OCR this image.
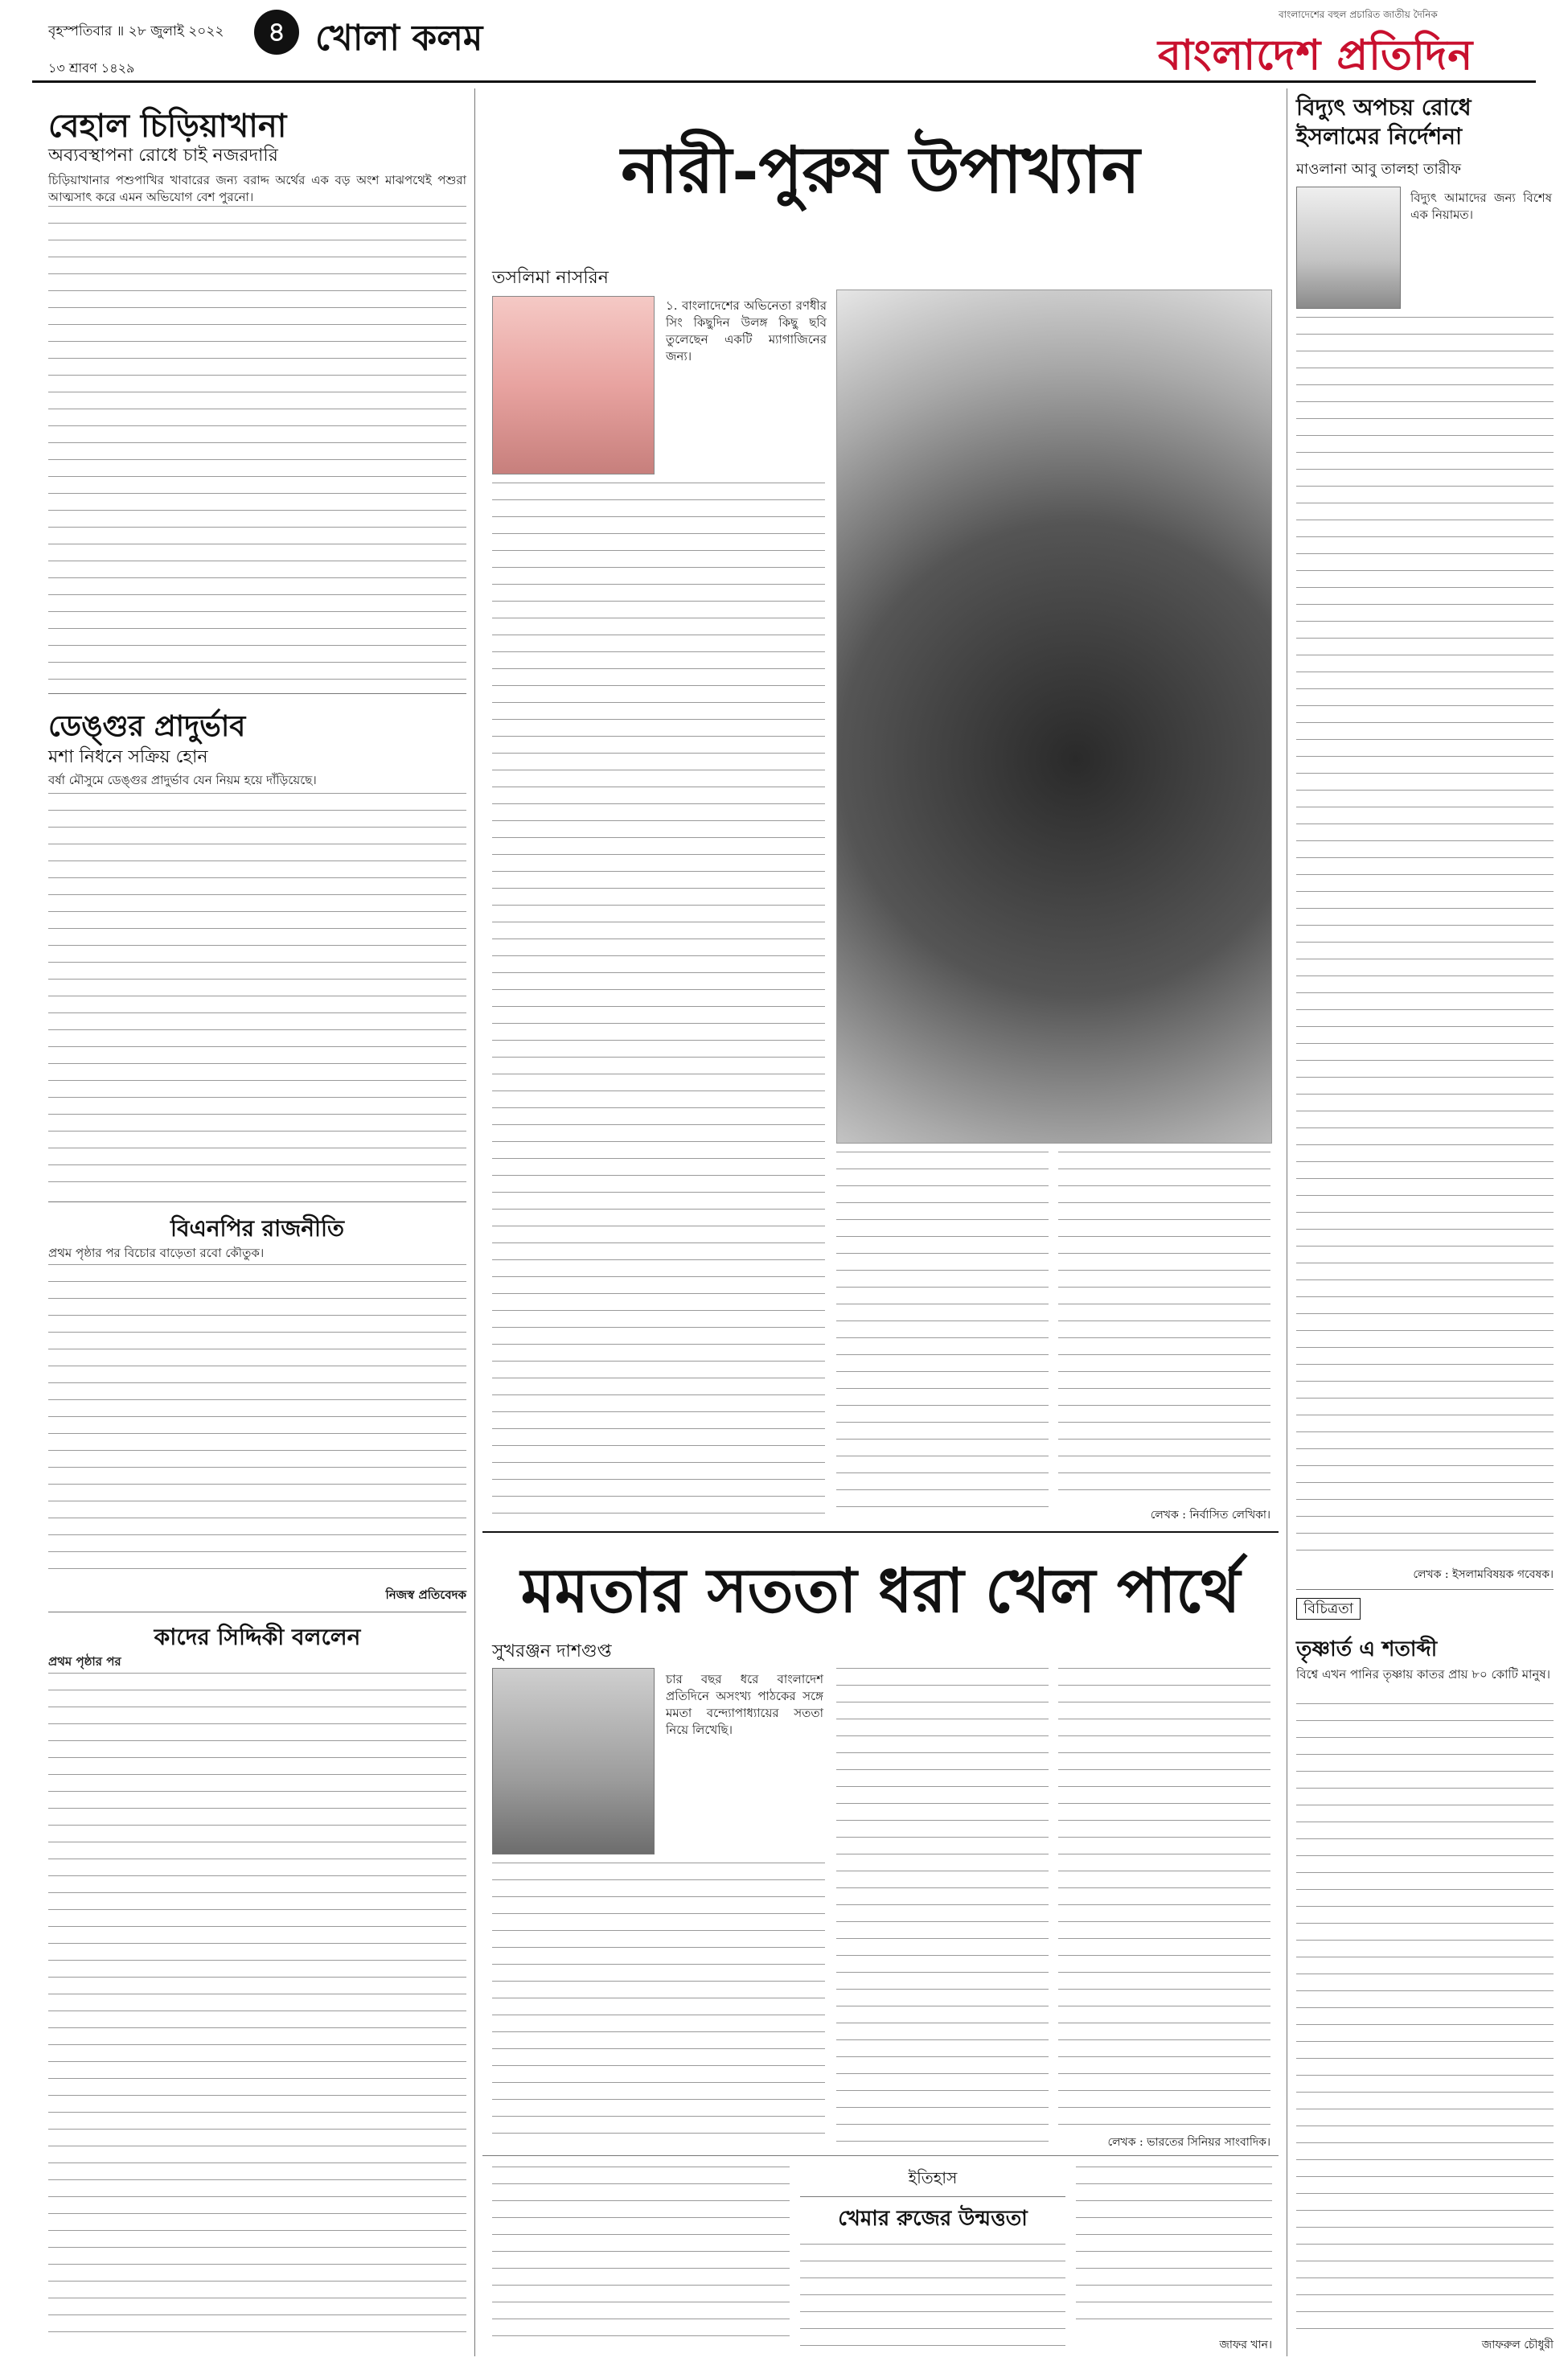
বৃহস্পতিবার ॥ ২৮ জুলাই ২০২২	৪ খোলা কলম
১৩ শ্রাবণ ১৪২৯
বাংলাদেশের বহুল প্রচারিত জাতীয় দৈনিক
বাংলাদেশ প্রতিদিন
বেহাল চিড়িয়াখানা
অব্যবস্থাপনা রোধে চাই নজরদারি
চিড়িয়াখানার পশুপাখির খাবারের জন্য বরাদ্দ অর্থের এক বড় অংশ মাঝপথেই পশুরা আত্মসাৎ করে এমন অভিযোগ বেশ পুরনো।
ডেঙ্গুর প্রাদুর্ভাব
মশা নিধনে সক্রিয় হোন
বর্ষা মৌসুমে ডেঙ্গুর প্রাদুর্ভাব যেন নিয়ম হয়ে দাঁড়িয়েছে।
বিএনপির রাজনীতি
প্রথম পৃষ্ঠার পর বিচোর বাড়েতা রবো কৌতুক।
নিজস্ব প্রতিবেদক
কাদের সিদ্দিকী বললেন
প্রথম পৃষ্ঠার পর
নারী-পুরুষ উপাখ্যান
তসলিমা নাসরিন
১. বাংলাদেশের অভিনেতা রণধীর সিং কিছুদিন উলঙ্গ কিছু ছবি তুলেছেন একটি ম্যাগাজিনের জন্য।
লেখক : নির্বাসিত লেখিকা।
মমতার সততা ধরা খেল পার্থে
সুখরঞ্জন দাশগুপ্ত
চার বছর ধরে বাংলাদেশ প্রতিদিনে অসংখ্য পাঠকের সঙ্গে মমতা বন্দ্যোপাধ্যায়ের সততা নিয়ে লিখেছি।
লেখক : ভারতের সিনিয়র সাংবাদিক।
ইতিহাস
খেমার রুজের উন্মত্ততা
জাফর খান।
বিদ্যুৎ অপচয় রোধে ইসলামের নির্দেশনা
মাওলানা আবু তালহা তারীফ
বিদ্যুৎ আমাদের জন্য বিশেষ এক নিয়ামত।
লেখক : ইসলামবিষয়ক গবেষক।
বিচিত্রতা
তৃষ্ণার্ত এ শতাব্দী
বিশ্বে এখন পানির তৃষ্ণায় কাতর প্রায় ৮০ কোটি মানুষ।
জাফরুল চৌধুরী
